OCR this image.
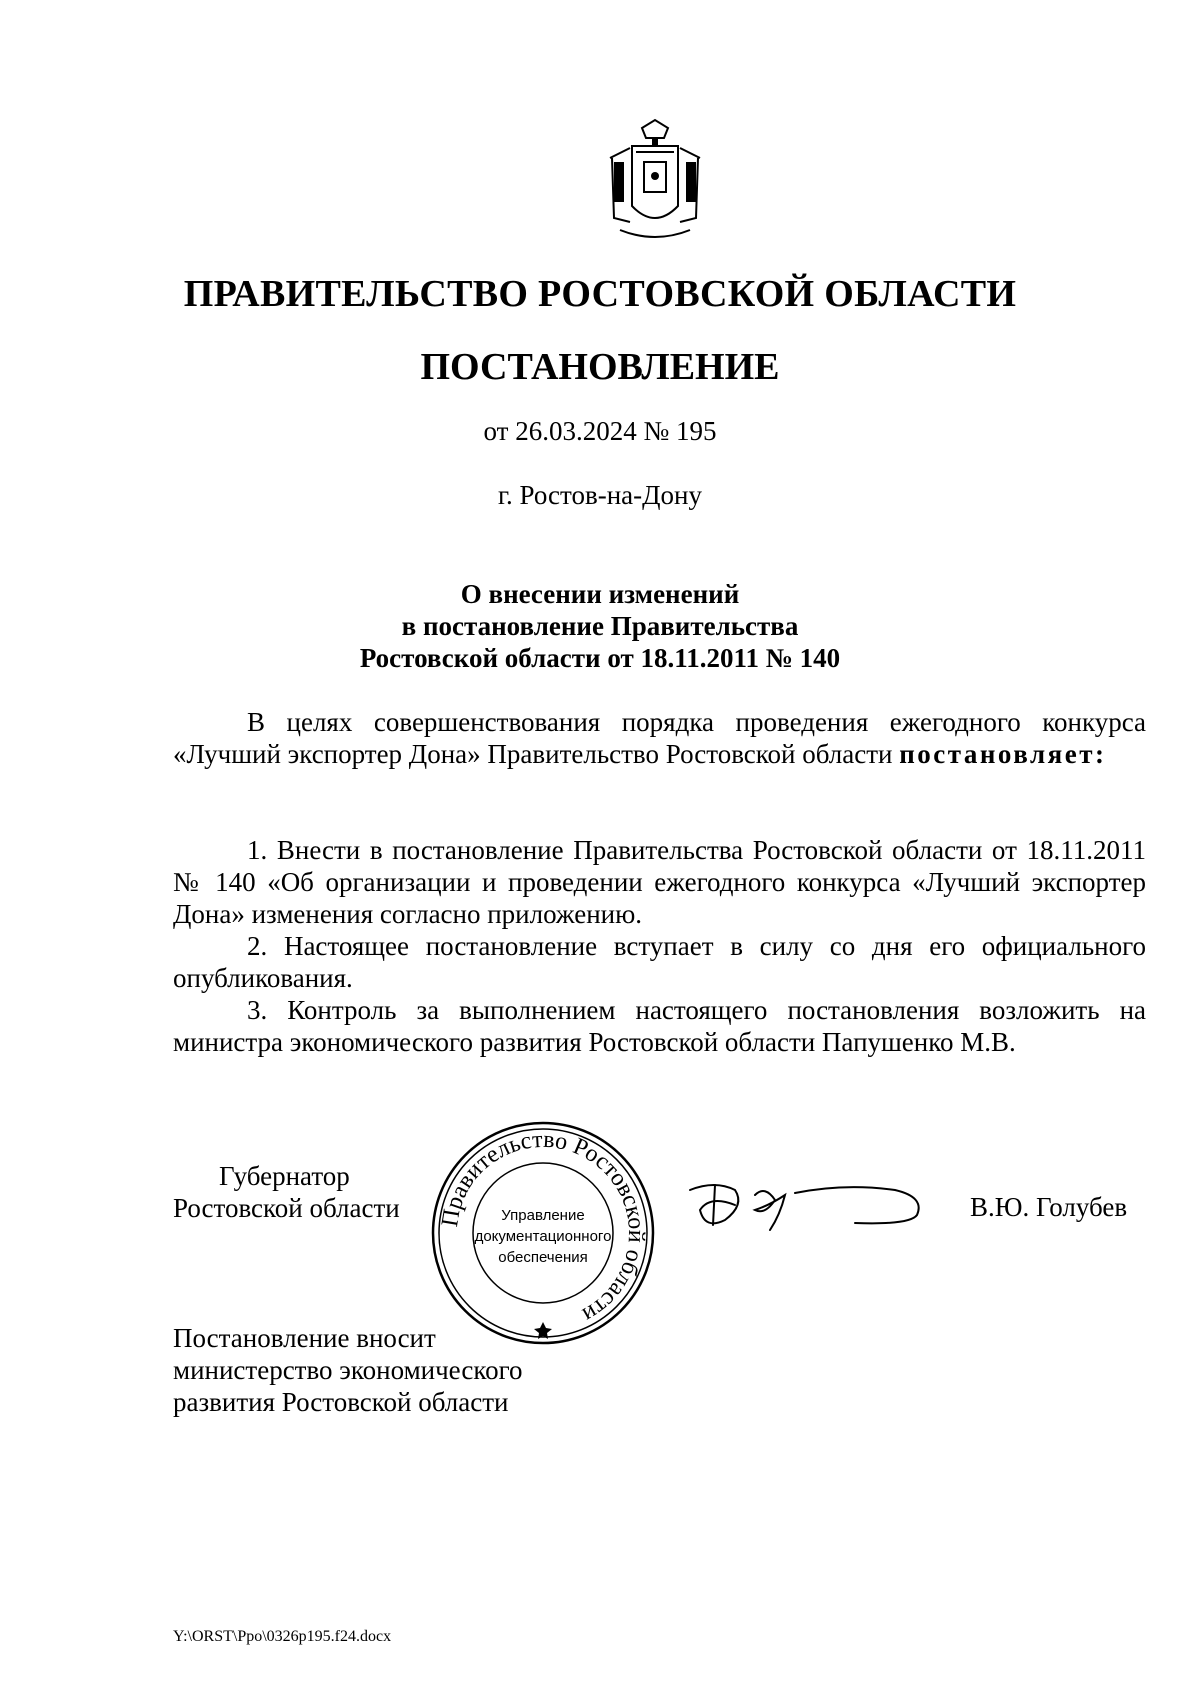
ПРАВИТЕЛЬСТВО РОСТОВСКОЙ ОБЛАСТИ
ПОСТАНОВЛЕНИЕ
от 26.03.2024 № 195
г. Ростов-на-Дону
О внесении изменений
в постановление Правительства
Ростовской области от 18.11.2011 № 140

В целях совершенствования порядка проведения ежегодного конкурса «Лучший экспортер Дона» Правительство Ростовской области постановляет:

1. Внести в постановление Правительства Ростовской области от 18.11.2011 № 140 «Об организации и проведении ежегодного конкурса «Лучший экспортер Дона» изменения согласно приложению.

2. Настоящее постановление вступает в силу со дня его официального опубликования.

3. Контроль за выполнением настоящего постановления возложить на министра экономического развития Ростовской области Папушенко М.В.

Губернатор
Ростовской области Правительство Ростовской области
Управление
документационного
обеспечения
В.Ю. Голубев
Постановление вносит
министерство экономического
развития Ростовской области
Y:\ORST\Ppo\0326p195.f24.docx
